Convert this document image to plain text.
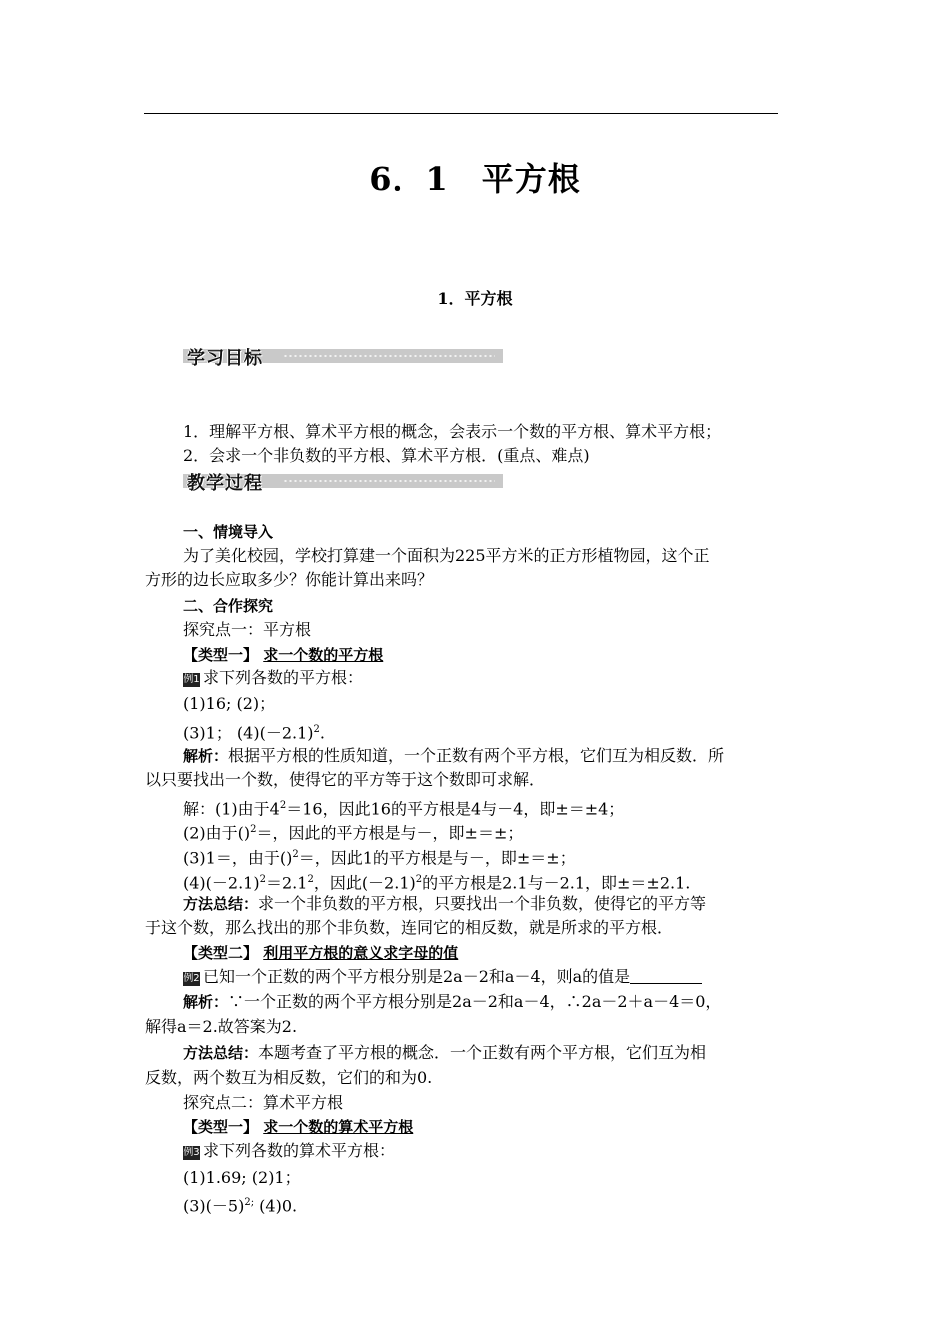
6．1　平方根
1．平方根
学习目标
1．理解平方根、算术平方根的概念，会表示一个数的平方根、算术平方根；
2．会求一个非负数的平方根、算术平方根．(重点、难点)
教学过程
一、情境导入
为了美化校园，学校打算建一个面积为225平方米的正方形植物园，这个正
方形的边长应取多少？你能计算出来吗？
二、合作探究
探究点一：平方根
【类型一】 求一个数的平方根
例1 求下列各数的平方根：
(1)16; (2)；
(3)1； $(4)(-2.1)^2$.
解析：根据平方根的性质知道，一个正数有两个平方根，它们互为相反数．所
以只要找出一个数，使得它的平方等于这个数即可求解．
解：(1)由于$4^2=16$，因此16的平方根是4与－4，即±＝±4；
(2)由于()$^2$＝，因此的平方根是与－，即±＝±；
(3)1＝，由于()$^2$＝，因此1的平方根是与－，即±＝±；
$(4)(-2.1)^2=2.1^2$，因此$(-2.1)^2$的平方根是2.1与－2.1，即±＝±2.1.
方法总结：求一个非负数的平方根，只要找出一个非负数，使得它的平方等
于这个数，那么找出的那个非负数，连同它的相反数，就是所求的平方根．
【类型二】 利用平方根的意义求字母的值
例2 已知一个正数的两个平方根分别是2a－2和a－4，则a的值是
解析：∵一个正数的两个平方根分别是2a－2和a－4，∴2a－2＋a－4＝0，
解得a＝2.故答案为2.
方法总结：本题考查了平方根的概念．一个正数有两个平方根，它们互为相
反数，两个数互为相反数，它们的和为0.
探究点二：算术平方根
【类型一】 求一个数的算术平方根
例3 求下列各数的算术平方根：
(1)1.69; (2)1；
$(3)(-5)^{2;}$ (4)0.
